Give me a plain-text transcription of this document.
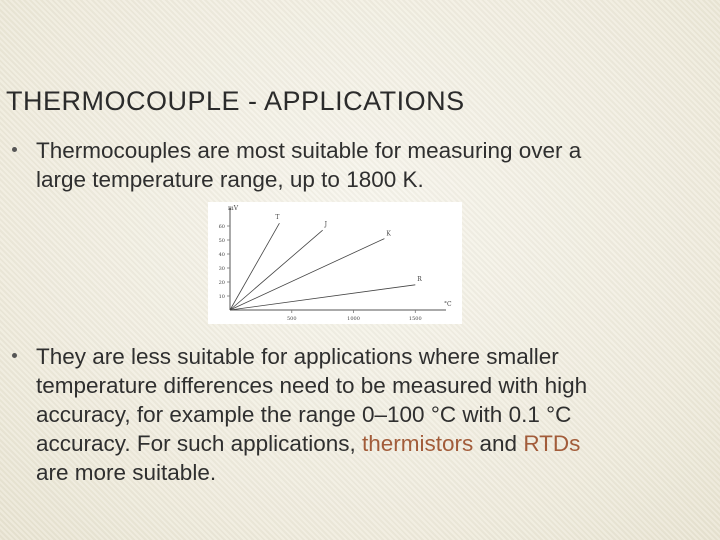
THERMOCOUPLE - APPLICATIONS
Thermocouples are most suitable for measuring over a large temperature range, up to 1800 K.
10
20
30
40
50
60
500	1000	1500
mV
°C
T
J
K
R
They are less suitable for applications where smaller temperature differences need to be measured with high accuracy, for example the range 0–100 °C with 0.1 °C accuracy. For such applications, thermistors and RTDs are more suitable.
